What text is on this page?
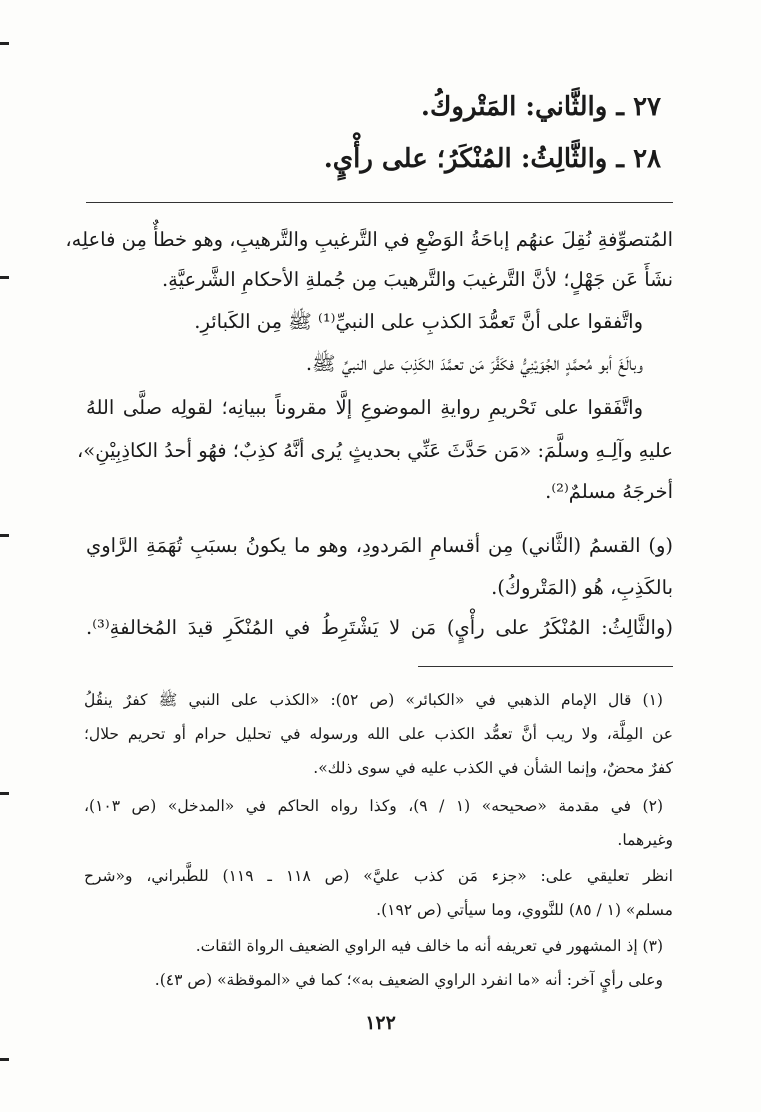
٢٧ ـ والثَّاني: المَتْروكُ.
٢٨ ـ والثَّالِثُ: المُنْكَرُ؛ على رأْيٍ.
المُتصوِّفةِ نُقِلَ عنهُم إباحَةُ الوَضْعِ في التَّرغيبِ والتَّرهيبِ، وهو خطأٌ مِن فاعلِه،
نشَأَ عَن جَهْلٍ؛ لأنَّ التَّرغيبَ والتَّرهيبَ مِن جُملةِ الأحكامِ الشَّرعيَّةِ.
واتَّفقوا على أنَّ تَعمُّدَ الكذبِ على النبيِّ⁽¹⁾ ﷺ مِن الكَبائرِ.
وبالَغَ أبو مُحمَّدٍ الجُوَيْنِيُّ فكَفَّرَ مَن تعمَّدَ الكَذِبَ على النبيِّ ﷺ.
واتَّفَقوا على تَحْريمِ روايةِ الموضوعِ إلَّا مقروناً ببيانِه؛ لقولِه صلَّى اللهُ
عليهِ وآلِـهِ وسلَّمَ: «مَن حَدَّثَ عَنِّي بحديثٍ يُرى أنَّهُ كذِبٌ؛ فهُو أحدُ الكاذِبِيْنِ»،
أخرجَهُ مسلمٌ⁽²⁾.
(و) القسمُ (الثَّاني) مِن أقسامِ المَردودِ، وهو ما يكونُ بسبَبِ تُهَمَةِ الرَّاوي
بالكَذِبِ، هُو (المَتْروكُ).
(والثَّالِثُ: المُنْكَرُ على رأْيٍ) مَن لا يَشْتَرِطُ في المُنْكَرِ قيدَ المُخالفةِ⁽³⁾.
(١) قال الإمام الذهبي في «الكبائر» (ص ٥٢): «الكذب على النبي ﷺ كفرٌ ينقُلُ
عن المِلَّة، ولا ريب أنَّ تعمُّد الكذب على الله ورسوله في تحليل حرام أو تحريم حلال؛
كفرٌ محضٌ، وإنما الشأن في الكذب عليه في سوى ذلك».
(٢) في مقدمة «صحيحه» (١ / ٩)، وكذا رواه الحاكم في «المدخل» (ص ١٠٣)،
وغيرهما.
انظر تعليقي على: «جزء مَن كذب عليَّ» (ص ١١٨ ـ ١١٩) للطَّبراني، و«شرح
مسلم» (١ / ٨٥) للنَّووي، وما سيأتي (ص ١٩٢).
(٣) إذ المشهور في تعريفه أنه ما خالف فيه الراوي الضعيف الرواة الثقات.
وعلى رأيٍ آخر: أنه «ما انفرد الراوي الضعيف به»؛ كما في «الموقظة» (ص ٤٣).
١٢٢
